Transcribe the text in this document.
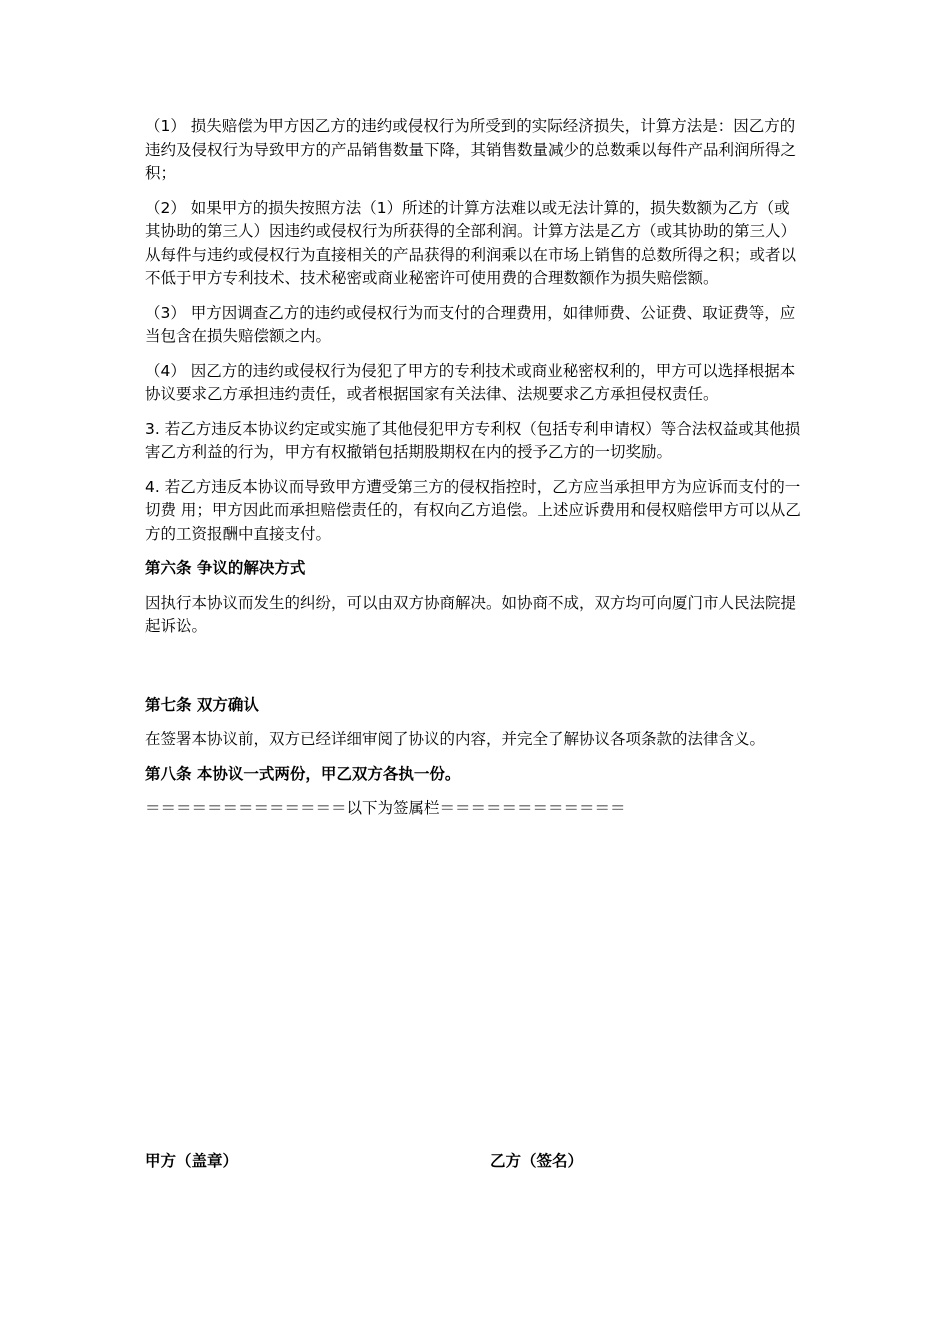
（1） 损失赔偿为甲方因乙方的违约或侵权行为所受到的实际经济损失，计算方法是：因乙方的违约及侵权行为导致甲方的产品销售数量下降，其销售数量减少的总数乘以每件产品利润所得之积；

（2） 如果甲方的损失按照方法（1）所述的计算方法难以或无法计算的，损失数额为乙方（或其协助的第三人）因违约或侵权行为所获得的全部利润。计算方法是乙方（或其协助的第三人）从每件与违约或侵权行为直接相关的产品获得的利润乘以在市场上销售的总数所得之积；或者以不低于甲方专利技术、技术秘密或商业秘密许可使用费的合理数额作为损失赔偿额。

（3） 甲方因调查乙方的违约或侵权行为而支付的合理费用，如律师费、公证费、取证费等，应当包含在损失赔偿额之内。

（4） 因乙方的违约或侵权行为侵犯了甲方的专利技术或商业秘密权利的，甲方可以选择根据本协议要求乙方承担违约责任，或者根据国家有关法律、法规要求乙方承担侵权责任。

3. 若乙方违反本协议约定或实施了其他侵犯甲方专利权（包括专利申请权）等合法权益或其他损害乙方利益的行为，甲方有权撤销包括期股期权在内的授予乙方的一切奖励。

4. 若乙方违反本协议而导致甲方遭受第三方的侵权指控时，乙方应当承担甲方为应诉而支付的一切费 用；甲方因此而承担赔偿责任的，有权向乙方追偿。上述应诉费用和侵权赔偿甲方可以从乙方的工资报酬中直接支付。

第六条 争议的解决方式

因执行本协议而发生的纠纷，可以由双方协商解决。如协商不成，双方均可向厦门市人民法院提起诉讼。

第七条 双方确认

在签署本协议前，双方已经详细审阅了协议的内容，并完全了解协议各项条款的法律含义。

第八条 本协议一式两份，甲乙双方各执一份。

＝＝＝＝＝＝＝＝＝＝＝＝＝以下为签属栏＝＝＝＝＝＝＝＝＝＝＝＝

甲方（盖章）	乙方（签名）
